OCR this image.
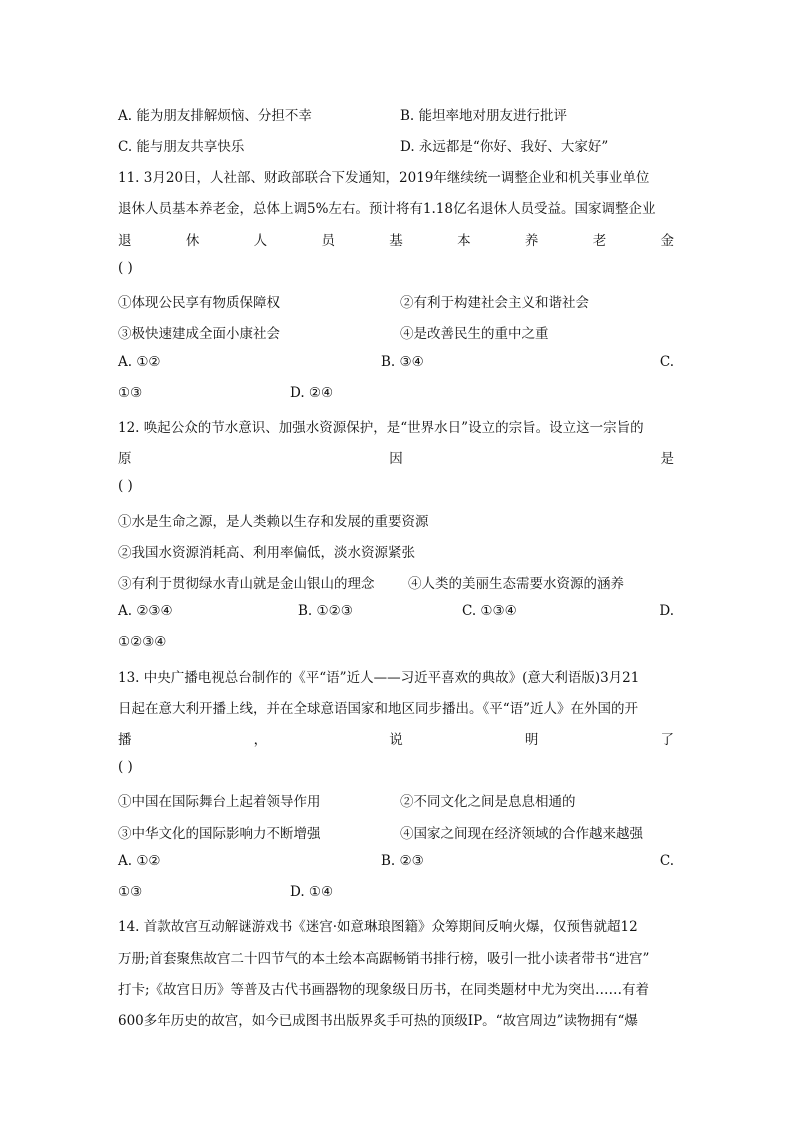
A. 能为朋友排解烦恼、分担不幸	B. 能坦率地对朋友进行批评
C. 能与朋友共享快乐	D. 永远都是“你好、我好、大家好”
11. 3月20日，人社部、财政部联合下发通知，2019年继续统一调整企业和机关事业单位
退休人员基本养老金，总体上调5%左右。预计将有1.18亿名退休人员受益。国家调整企业
退	休	人	员	基	本	养	老	金
( )
①体现公民享有物质保障权	②有利于构建社会主义和谐社会
③极快速建成全面小康社会	④是改善民生的重中之重
A. ①②	B. ③④	C.
①③	D. ②④
12. 唤起公众的节水意识、加强水资源保护，是“世界水日”设立的宗旨。设立这一宗旨的
原	因	是
( )
①水是生命之源，是人类赖以生存和发展的重要资源
②我国水资源消耗高、利用率偏低，淡水资源紧张
③有利于贯彻绿水青山就是金山银山的理念 ④人类的美丽生态需要水资源的涵养
A. ②③④	B. ①②③	C. ①③④	D.
①②③④
13. 中央广播电视总台制作的《平“语”近人——习近平喜欢的典故》(意大利语版)3月21
日起在意大利开播上线，并在全球意语国家和地区同步播出。《平“语”近人》在外国的开
播	，	说	明	了
( )
①中国在国际舞台上起着领导作用	②不同文化之间是息息相通的
③中华文化的国际影响力不断增强	④国家之间现在经济领域的合作越来越强
A. ①②	B. ②③	C.
①③	D. ①④
14. 首款故宫互动解谜游戏书《迷宫·如意琳琅图籍》众筹期间反响火爆，仅预售就超12
万册;首套聚焦故宫二十四节气的本土绘本高踞畅销书排行榜，吸引一批小读者带书“进宫”
打卡;《故宫日历》等普及古代书画器物的现象级日历书，在同类题材中尤为突出……有着
600多年历史的故宫，如今已成图书出版界炙手可热的顶级IP。“故宫周边”读物拥有“爆
